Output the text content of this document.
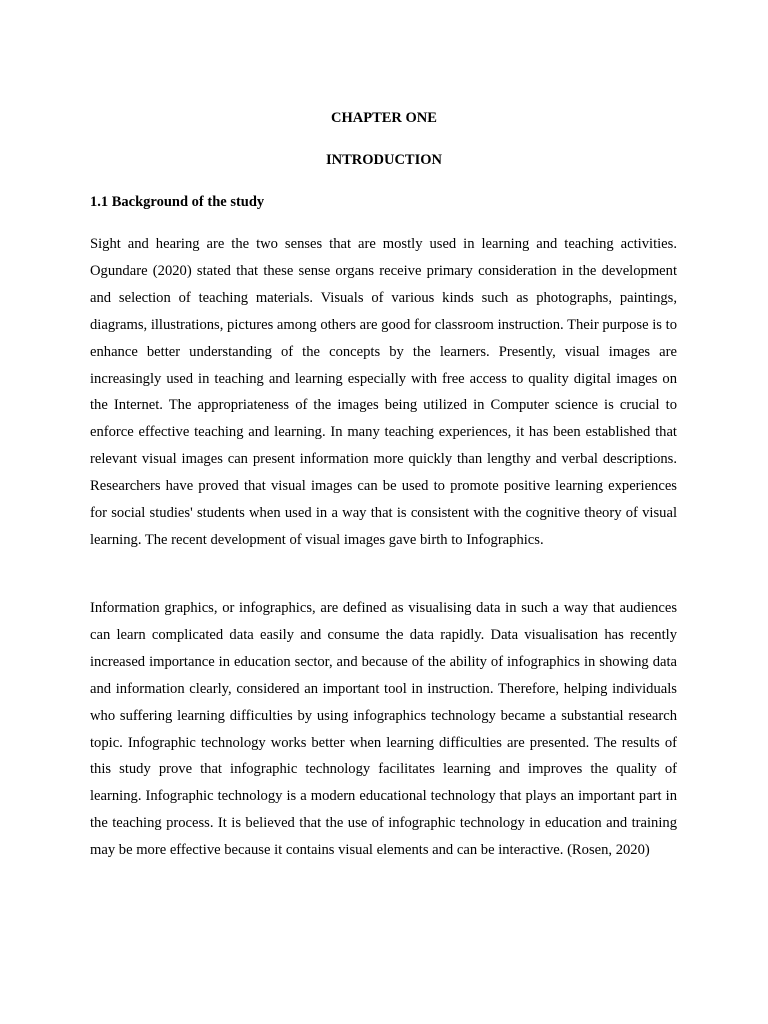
CHAPTER ONE
INTRODUCTION
1.1 Background of the study

Sight and hearing are the two senses that are mostly used in learning and teaching activities. Ogundare (2020) stated that these sense organs receive primary consideration in the development and selection of teaching materials. Visuals of various kinds such as photographs, paintings, diagrams, illustrations, pictures among others are good for classroom instruction. Their purpose is to enhance better understanding of the concepts by the learners. Presently, visual images are increasingly used in teaching and learning especially with free access to quality digital images on the Internet. The appropriateness of the images being utilized in Computer science is crucial to enforce effective teaching and learning. In many teaching experiences, it has been established that relevant visual images can present information more quickly than lengthy and verbal descriptions. Researchers have proved that visual images can be used to promote positive learning experiences for social studies' students when used in a way that is consistent with the cognitive theory of visual learning. The recent development of visual images gave birth to Infographics.

Information graphics, or infographics, are defined as visualising data in such a way that audiences can learn complicated data easily and consume the data rapidly. Data visualisation has recently increased importance in education sector, and because of the ability of infographics in showing data and information clearly, considered an important tool in instruction. Therefore, helping individuals who suffering learning difficulties by using infographics technology became a substantial research topic. Infographic technology works better when learning difficulties are presented. The results of this study prove that infographic technology facilitates learning and improves the quality of learning. Infographic technology is a modern educational technology that plays an important part in the teaching process. It is believed that the use of infographic technology in education and training may be more effective because it contains visual elements and can be interactive. (Rosen, 2020)
